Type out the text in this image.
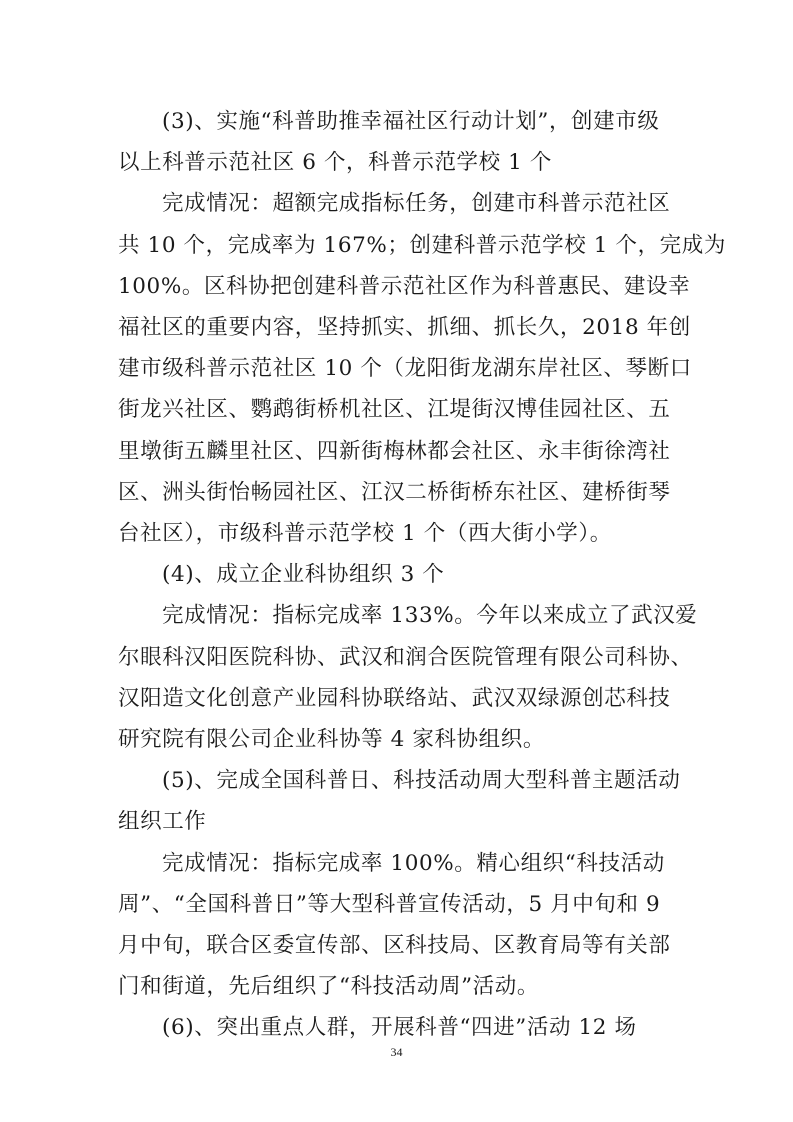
(3)、实施“科普助推幸福社区行动计划”，创建市级
以上科普示范社区 6 个，科普示范学校 1 个
完成情况：超额完成指标任务，创建市科普示范社区
共 10 个，完成率为 167%；创建科普示范学校 1 个，完成为
100%。区科协把创建科普示范社区作为科普惠民、建设幸
福社区的重要内容，坚持抓实、抓细、抓长久，2018 年创
建市级科普示范社区 10 个（龙阳街龙湖东岸社区、琴断口
街龙兴社区、鹦鹉街桥机社区、江堤街汉博佳园社区、五
里墩街五麟里社区、四新街梅林都会社区、永丰街徐湾社
区、洲头街怡畅园社区、江汉二桥街桥东社区、建桥街琴
台社区），市级科普示范学校 1 个（西大街小学）。
(4)、成立企业科协组织 3 个
完成情况：指标完成率 133%。今年以来成立了武汉爱
尔眼科汉阳医院科协、武汉和润合医院管理有限公司科协、
汉阳造文化创意产业园科协联络站、武汉双绿源创芯科技
研究院有限公司企业科协等 4 家科协组织。
(5)、完成全国科普日、科技活动周大型科普主题活动
组织工作
完成情况：指标完成率 100%。精心组织“科技活动
周”、“全国科普日”等大型科普宣传活动，5 月中旬和 9
月中旬，联合区委宣传部、区科技局、区教育局等有关部
门和街道，先后组织了“科技活动周”活动。
(6)、突出重点人群，开展科普“四进”活动 12 场
34
